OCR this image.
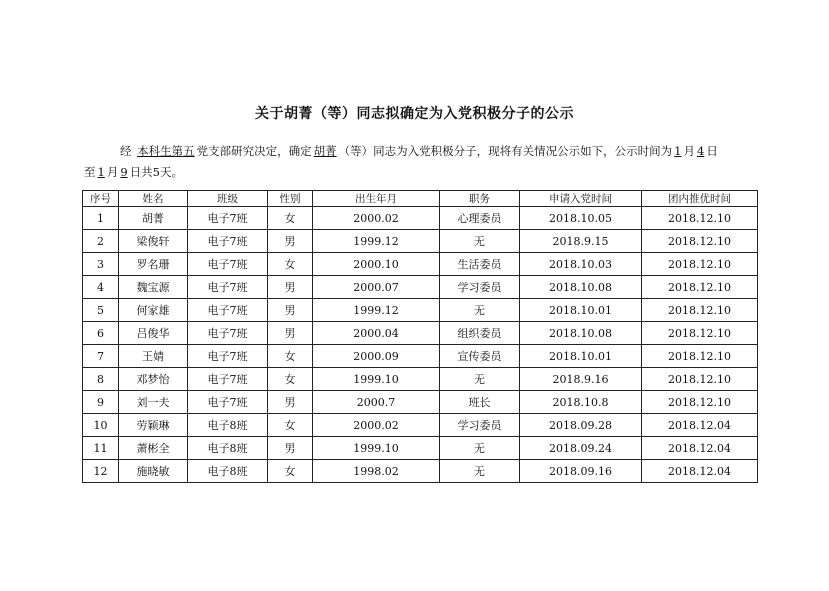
关于胡菁（等）同志拟确定为入党积极分子的公示
经 本科生第五 党支部研究决定，确定 胡菁 （等）同志为入党积极分子，现将有关情况公示如下，公示时间为 1 月 4 日
至 1 月 9 日共5天。
序号	姓名	班级	性别	出生年月	职务	申请入党时间	团内推优时间
1	胡菁	电子7班	女	2000.02	心理委员	2018.10.05	2018.12.10
2	梁俊轩	电子7班	男	1999.12	无	2018.9.15	2018.12.10
3	罗名珊	电子7班	女	2000.10	生活委员	2018.10.03	2018.12.10
4	魏宝源	电子7班	男	2000.07	学习委员	2018.10.08	2018.12.10
5	何家雄	电子7班	男	1999.12	无	2018.10.01	2018.12.10
6	吕俊华	电子7班	男	2000.04	组织委员	2018.10.08	2018.12.10
7	王婧	电子7班	女	2000.09	宣传委员	2018.10.01	2018.12.10
8	邓梦怡	电子7班	女	1999.10	无	2018.9.16	2018.12.10
9	刘一夫	电子7班	男	2000.7	班长	2018.10.8	2018.12.10
10	劳颖琳	电子8班	女	2000.02	学习委员	2018.09.28	2018.12.04
11	萧彬全	电子8班	男	1999.10	无	2018.09.24	2018.12.04
12	施晓敏	电子8班	女	1998.02	无	2018.09.16	2018.12.04
